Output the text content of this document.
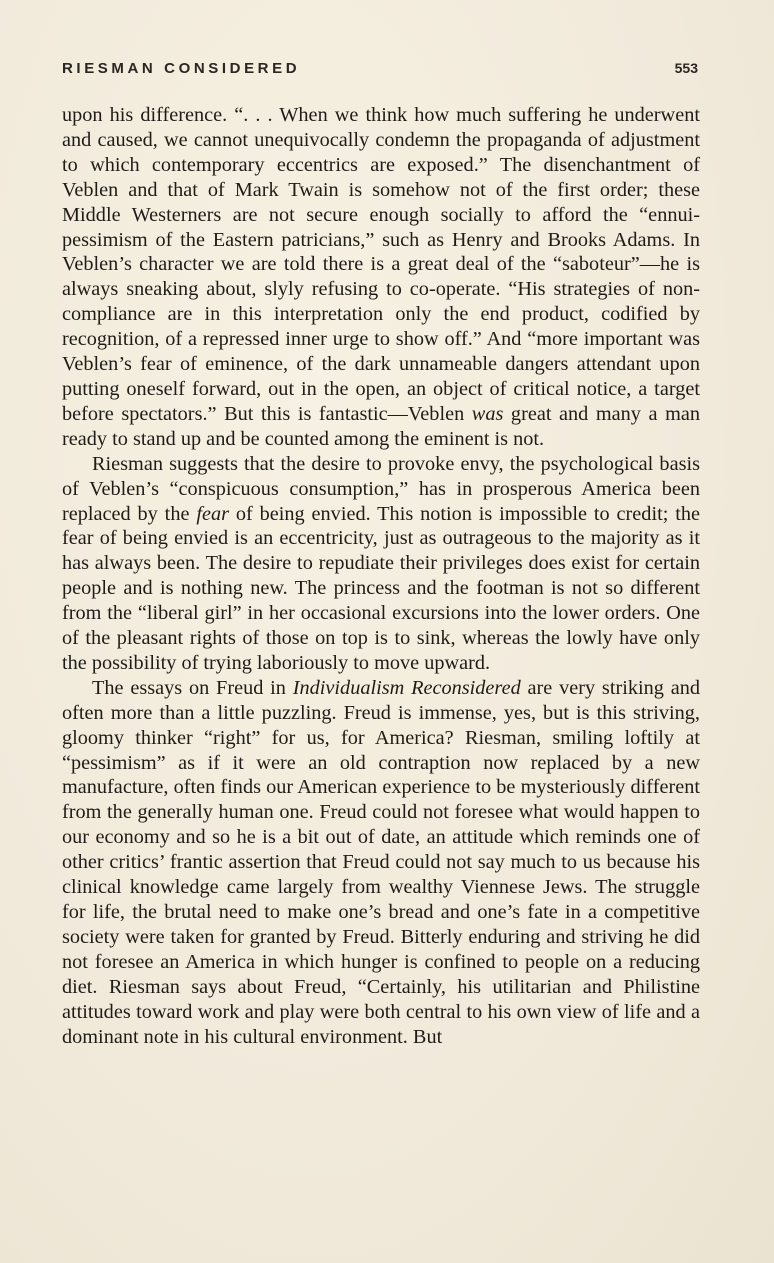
RIESMAN CONSIDERED	553

upon his difference. “. . . When we think how much suffering he underwent and caused, we cannot unequivocally condemn the propaganda of adjustment to which contemporary eccentrics are exposed.” The disenchantment of Veblen and that of Mark Twain is somehow not of the first order; these Middle Westerners are not secure enough socially to afford the “ennui-pessimism of the Eastern patricians,” such as Henry and Brooks Adams. In Veblen’s character we are told there is a great deal of the “saboteur”—he is always sneaking about, slyly refusing to co-operate. “His strategies of non-compliance are in this interpretation only the end product, codified by recognition, of a repressed inner urge to show off.” And “more important was Veblen’s fear of eminence, of the dark unnameable dangers attendant upon putting oneself forward, out in the open, an object of critical notice, a target before spectators.” But this is fantastic—Veblen was great and many a man ready to stand up and be counted among the eminent is not.

Riesman suggests that the desire to provoke envy, the psychological basis of Veblen’s “conspicuous consumption,” has in prosperous America been replaced by the fear of being envied. This notion is impossible to credit; the fear of being envied is an eccentricity, just as outrageous to the majority as it has always been. The desire to repudiate their privileges does exist for certain people and is nothing new. The princess and the footman is not so different from the “liberal girl” in her occasional excursions into the lower orders. One of the pleasant rights of those on top is to sink, whereas the lowly have only the possibility of trying laboriously to move upward.

The essays on Freud in Individualism Reconsidered are very striking and often more than a little puzzling. Freud is immense, yes, but is this striving, gloomy thinker “right” for us, for America? Riesman, smiling loftily at “pessimism” as if it were an old contraption now replaced by a new manufacture, often finds our American experience to be mysteriously different from the generally human one. Freud could not foresee what would happen to our economy and so he is a bit out of date, an attitude which reminds one of other critics’ frantic assertion that Freud could not say much to us because his clinical knowledge came largely from wealthy Viennese Jews. The struggle for life, the brutal need to make one’s bread and one’s fate in a competitive society were taken for granted by Freud. Bitterly enduring and striving he did not foresee an America in which hunger is confined to people on a reducing diet. Riesman says about Freud, “Certainly, his utilitarian and Philistine attitudes toward work and play were both central to his own view of life and a dominant note in his cultural environment. But
